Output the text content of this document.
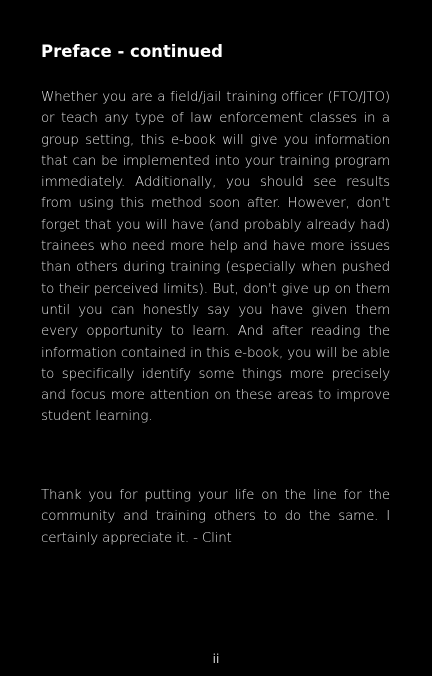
Preface - continued

Whether you are a field/jail training officer (FTO/JTO) or teach any type of law enforcement classes in a group setting, this e-book will give you information that can be implemented into your training program immediately. Additionally, you should see results from using this method soon after. However, don't forget that you will have (and probably already had) trainees who need more help and have more issues than others during training (especially when pushed to their perceived limits). But, don't give up on them until you can honestly say you have given them every opportunity to learn. And after reading the information contained in this e-book, you will be able to specifically identify some things more precisely and focus more attention on these areas to improve student learning.

Thank you for putting your life on the line for the community and training others to do the same. I certainly appreciate it. - Clint

ii
